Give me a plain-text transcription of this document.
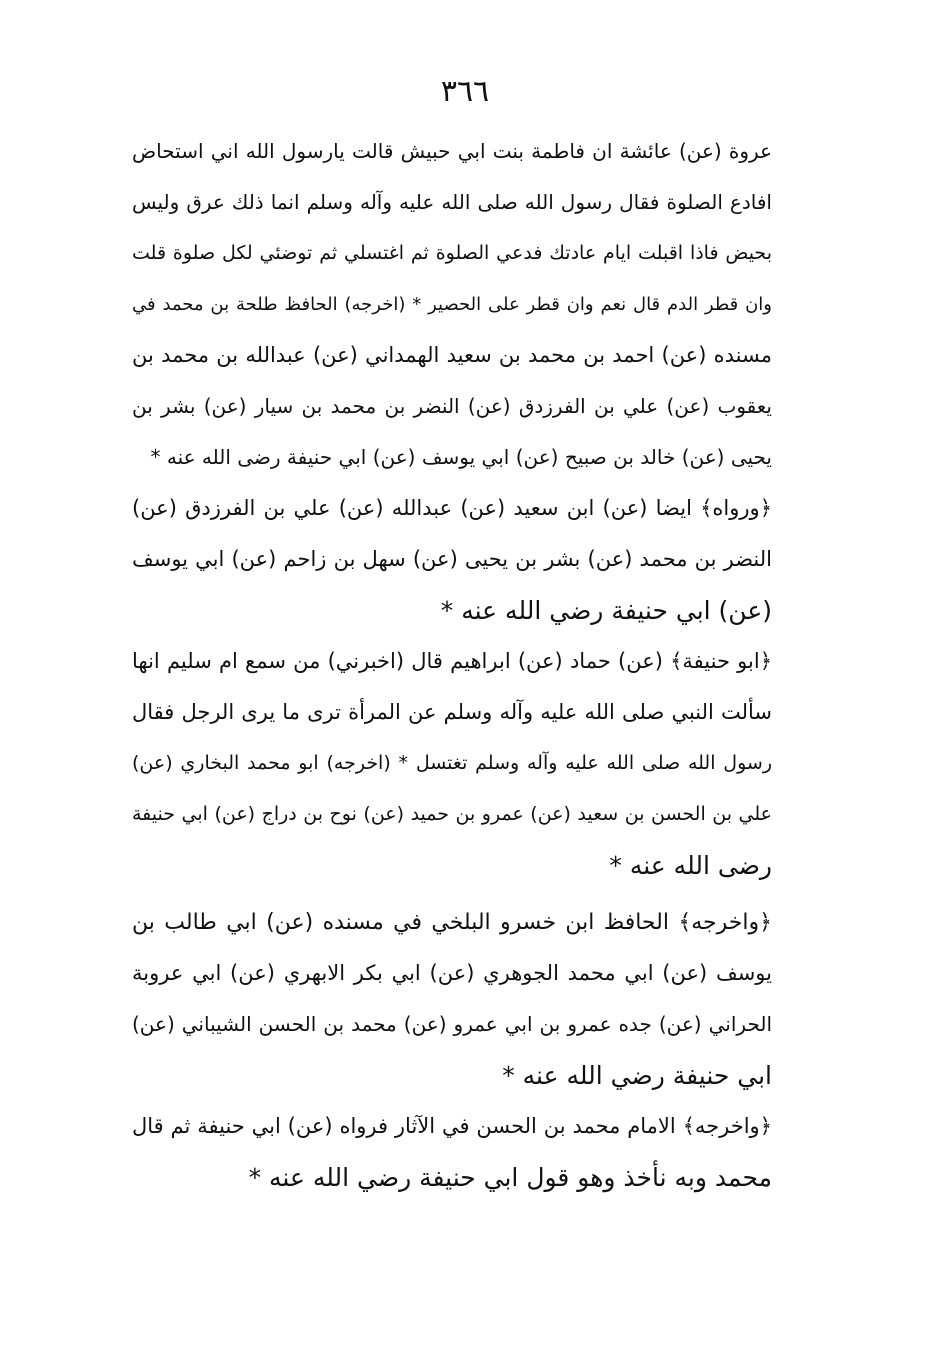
٣٦٦
عروة (عن) عائشة ان فاطمة بنت ابي حبيش قالت يارسول الله اني استحاض
افادع الصلوة فقال رسول الله صلى الله عليه وآله وسلم انما ذلك عرق وليس
بحيض فاذا اقبلت ايام عادتك فدعي الصلوة ثم اغتسلي ثم توضئي لكل صلوة قلت
وان قطر الدم قال نعم وان قطر على الحصير * (اخرجه) الحافظ طلحة بن محمد في
مسنده (عن) احمد بن محمد بن سعيد الهمداني (عن) عبدالله بن محمد بن
يعقوب (عن) علي بن الفرزدق (عن) النضر بن محمد بن سيار (عن) بشر بن
يحيى (عن) خالد بن صبيح (عن) ابي يوسف (عن) ابي حنيفة رضى الله عنه *
﴿ورواه﴾ ايضا (عن) ابن سعيد (عن) عبدالله (عن) علي بن الفرزدق (عن)
النضر بن محمد (عن) بشر بن يحيى (عن) سهل بن زاحم (عن) ابي يوسف
(عن) ابي حنيفة رضي الله عنه *
﴿ابو حنيفة﴾ (عن) حماد (عن) ابراهيم قال (اخبرني) من سمع ام سليم انها
سألت النبي صلى الله عليه وآله وسلم عن المرأة ترى ما يرى الرجل فقال
رسول الله صلى الله عليه وآله وسلم تغتسل * (اخرجه) ابو محمد البخاري (عن)
علي بن الحسن بن سعيد (عن) عمرو بن حميد (عن) نوح بن دراج (عن) ابي حنيفة
رضى الله عنه *
﴿واخرجه﴾ الحافظ ابن خسرو البلخي في مسنده (عن) ابي طالب بن
يوسف (عن) ابي محمد الجوهري (عن) ابي بكر الابهري (عن) ابي عروبة
الحراني (عن) جده عمرو بن ابي عمرو (عن) محمد بن الحسن الشيباني (عن)
ابي حنيفة رضي الله عنه *
﴿واخرجه﴾ الامام محمد بن الحسن في الآثار فرواه (عن) ابي حنيفة ثم قال
محمد وبه نأخذ وهو قول ابي حنيفة رضي الله عنه *
